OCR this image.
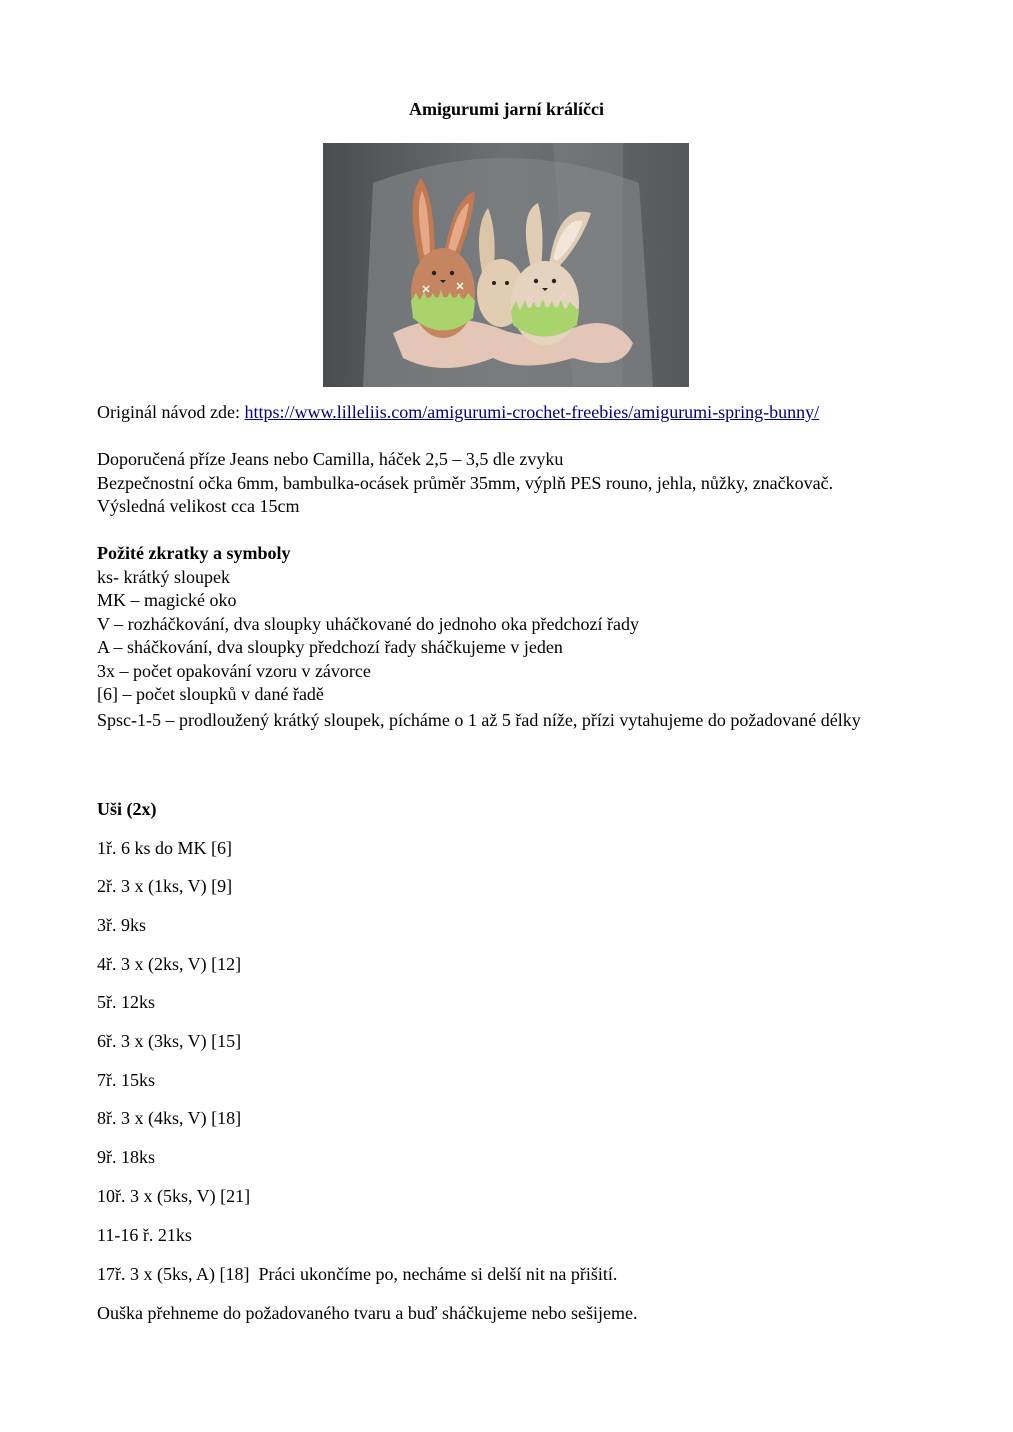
Amigurumi jarní králíčci
Originál návod zde: https://www.lilleliis.com/amigurumi-crochet-freebies/amigurumi-spring-bunny/
Doporučená příze Jeans nebo Camilla, háček 2,5 – 3,5 dle zvyku
Bezpečnostní očka 6mm, bambulka-ocásek průměr 35mm, výplň PES rouno, jehla, nůžky, značkovač. Výsledná velikost cca 15cm
Požité zkratky a symboly
ks- krátký sloupek
MK – magické oko
V – rozháčkování, dva sloupky uháčkované do jednoho oka předchozí řady
A – sháčkování, dva sloupky předchozí řady sháčkujeme v jeden
3x – počet opakování vzoru v závorce
[6] – počet sloupků v dané řadě
Spsc-1-5 – prodloužený krátký sloupek, pícháme o 1 až 5 řad níže, přízi vytahujeme do požadované délky
Uši (2x)
1ř. 6 ks do MK [6]
2ř. 3 x (1ks, V) [9]
3ř. 9ks
4ř. 3 x (2ks, V) [12]
5ř. 12ks
6ř. 3 x (3ks, V) [15]
7ř. 15ks
8ř. 3 x (4ks, V) [18]
9ř. 18ks
10ř. 3 x (5ks, V) [21]
11-16 ř. 21ks
17ř. 3 x (5ks, A) [18]  Práci ukončíme po, necháme si delší nit na přišití.
Ouška přehneme do požadovaného tvaru a buď sháčkujeme nebo sešijeme.
